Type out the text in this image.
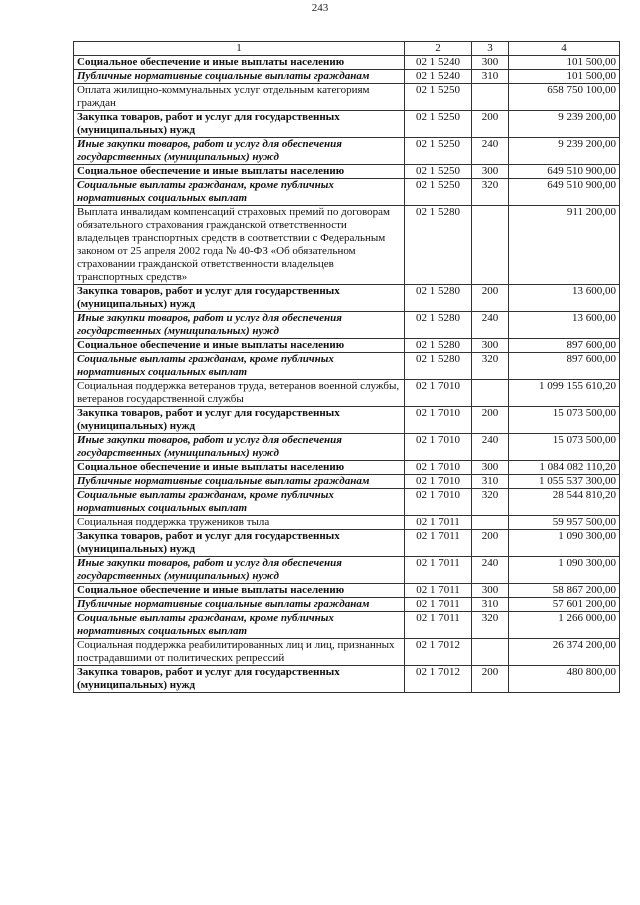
243
1	2	3	4
Социальное обеспечение и иные выплаты населению	02 1 5240	300	101 500,00
Публичные нормативные социальные выплаты гражданам	02 1 5240	310	101 500,00
Оплата жилищно-коммунальных услуг отдельным категориям граждан	02 1 5250		658 750 100,00
Закупка товаров, работ и услуг для государственных (муниципальных) нужд	02 1 5250	200	9 239 200,00
Иные закупки товаров, работ и услуг для обеспечения государственных (муниципальных) нужд	02 1 5250	240	9 239 200,00
Социальное обеспечение и иные выплаты населению	02 1 5250	300	649 510 900,00
Социальные выплаты гражданам, кроме публичных нормативных социальных выплат	02 1 5250	320	649 510 900,00
Выплата инвалидам компенсаций страховых премий по договорам обязательного страхования гражданской ответственности владельцев транспортных средств в соответствии с Федеральным законом от 25 апреля 2002 года № 40-ФЗ «Об обязательном страховании гражданской ответственности владельцев транспортных средств»	02 1 5280		911 200,00
Закупка товаров, работ и услуг для государственных (муниципальных) нужд	02 1 5280	200	13 600,00
Иные закупки товаров, работ и услуг для обеспечения государственных (муниципальных) нужд	02 1 5280	240	13 600,00
Социальное обеспечение и иные выплаты населению	02 1 5280	300	897 600,00
Социальные выплаты гражданам, кроме публичных нормативных социальных выплат	02 1 5280	320	897 600,00
Социальная поддержка ветеранов труда, ветеранов военной службы, ветеранов государственной службы	02 1 7010		1 099 155 610,20
Закупка товаров, работ и услуг для государственных (муниципальных) нужд	02 1 7010	200	15 073 500,00
Иные закупки товаров, работ и услуг для обеспечения государственных (муниципальных) нужд	02 1 7010	240	15 073 500,00
Социальное обеспечение и иные выплаты населению	02 1 7010	300	1 084 082 110,20
Публичные нормативные социальные выплаты гражданам	02 1 7010	310	1 055 537 300,00
Социальные выплаты гражданам, кроме публичных нормативных социальных выплат	02 1 7010	320	28 544 810,20
Социальная поддержка тружеников тыла	02 1 7011		59 957 500,00
Закупка товаров, работ и услуг для государственных (муниципальных) нужд	02 1 7011	200	1 090 300,00
Иные закупки товаров, работ и услуг для обеспечения государственных (муниципальных) нужд	02 1 7011	240	1 090 300,00
Социальное обеспечение и иные выплаты населению	02 1 7011	300	58 867 200,00
Публичные нормативные социальные выплаты гражданам	02 1 7011	310	57 601 200,00
Социальные выплаты гражданам, кроме публичных нормативных социальных выплат	02 1 7011	320	1 266 000,00
Социальная поддержка реабилитированных лиц и лиц, признанных пострадавшими от политических репрессий	02 1 7012		26 374 200,00
Закупка товаров, работ и услуг для государственных (муниципальных) нужд	02 1 7012	200	480 800,00
